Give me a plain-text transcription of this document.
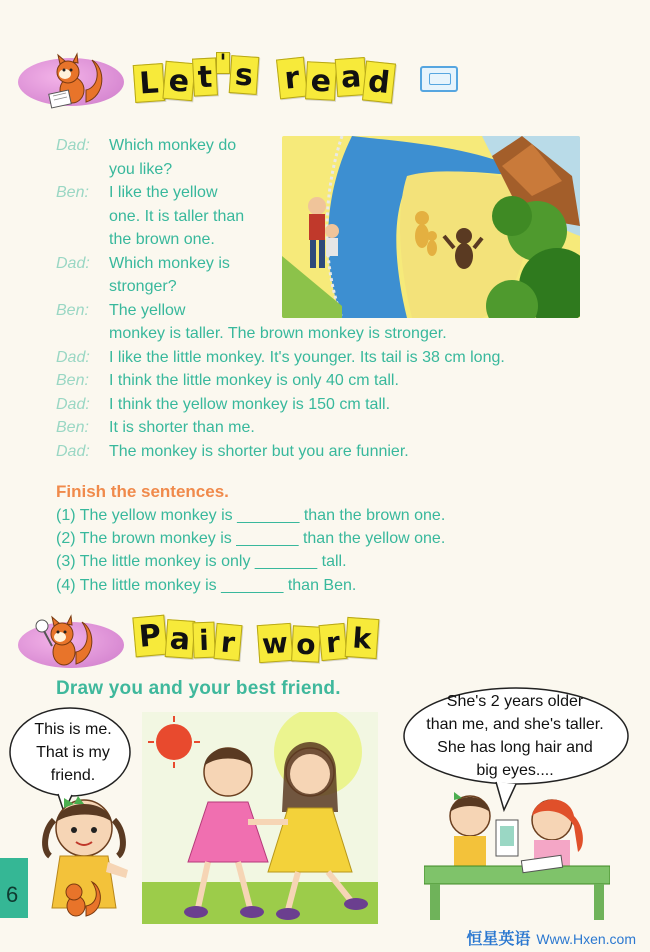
L e t ' s r e a d
Dad: Which monkey do
you like?
Ben: I like the yellow
one. It is taller than
the brown one.
Dad: Which monkey is
stronger?
Ben: The yellow
monkey is taller. The brown monkey is stronger.
Dad: I like the little monkey. It's younger. Its tail is 38 cm long.
Ben: I think the little monkey is only 40 cm tall.
Dad: I think the yellow monkey is 150 cm tall.
Ben: It is shorter than me.
Dad: The monkey is shorter but you are funnier.
Finish the sentences.
(1) The yellow monkey is _______ than the brown one.
(2) The brown monkey is _______ than the yellow one.
(3) The little monkey is only _______ tall.
(4) The little monkey is _______ than Ben.
P a i r w o r k
Draw you and your best friend.
This is me.
That is my
friend.
She's 2 years older
than me, and she's taller.
She has long hair and
big eyes....
6
恒星英语 Www.Hxen.com
